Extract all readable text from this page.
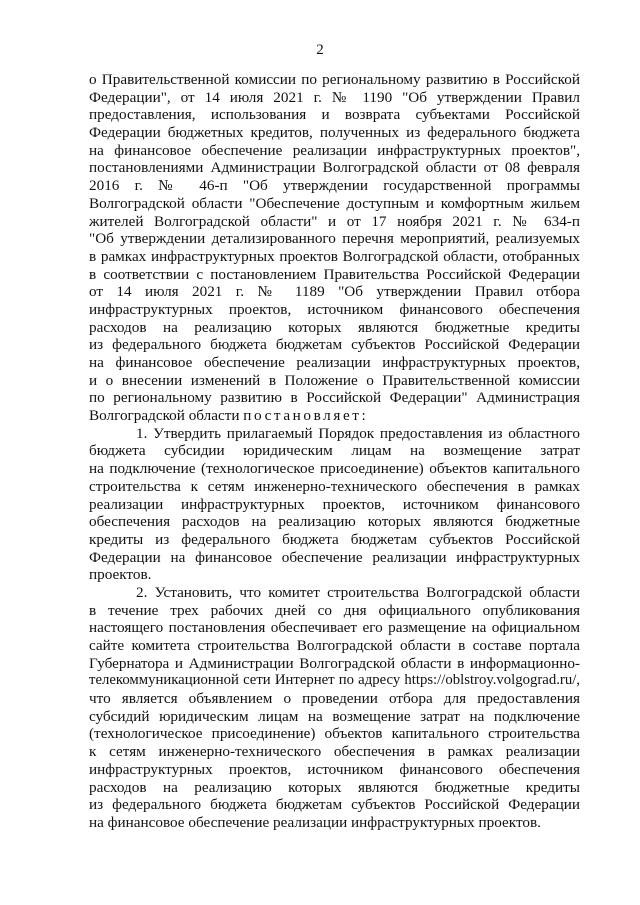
2
о Правительственной комиссии по региональному развитию в Российской
Федерации", от 14 июля 2021 г. № 1190 "Об утверждении Правил
предоставления, использования и возврата субъектами Российской
Федерации бюджетных кредитов, полученных из федерального бюджета
на финансовое обеспечение реализации инфраструктурных проектов",
постановлениями Администрации Волгоградской области от 08 февраля
2016 г. № 46-п "Об утверждении государственной программы
Волгоградской области "Обеспечение доступным и комфортным жильем
жителей Волгоградской области" и от 17 ноября 2021 г. № 634-п
"Об утверждении детализированного перечня мероприятий, реализуемых
в рамках инфраструктурных проектов Волгоградской области, отобранных
в соответствии с постановлением Правительства Российской Федерации
от 14 июля 2021 г. № 1189 "Об утверждении Правил отбора
инфраструктурных проектов, источником финансового обеспечения
расходов на реализацию которых являются бюджетные кредиты
из федерального бюджета бюджетам субъектов Российской Федерации
на финансовое обеспечение реализации инфраструктурных проектов,
и о внесении изменений в Положение о Правительственной комиссии
по региональному развитию в Российской Федерации" Администрация
Волгоградской области постановляет:
1. Утвердить прилагаемый Порядок предоставления из областного
бюджета субсидии юридическим лицам на возмещение затрат
на подключение (технологическое присоединение) объектов капитального
строительства к сетям инженерно-технического обеспечения в рамках
реализации инфраструктурных проектов, источником финансового
обеспечения расходов на реализацию которых являются бюджетные
кредиты из федерального бюджета бюджетам субъектов Российской
Федерации на финансовое обеспечение реализации инфраструктурных
проектов.
2. Установить, что комитет строительства Волгоградской области
в течение трех рабочих дней со дня официального опубликования
настоящего постановления обеспечивает его размещение на официальном
сайте комитета строительства Волгоградской области в составе портала
Губернатора и Администрации Волгоградской области в информационно-
телекоммуникационной сети Интернет по адресу https://oblstroy.volgograd.ru/,
что является объявлением о проведении отбора для предоставления
субсидий юридическим лицам на возмещение затрат на подключение
(технологическое присоединение) объектов капитального строительства
к сетям инженерно-технического обеспечения в рамках реализации
инфраструктурных проектов, источником финансового обеспечения
расходов на реализацию которых являются бюджетные кредиты
из федерального бюджета бюджетам субъектов Российской Федерации
на финансовое обеспечение реализации инфраструктурных проектов.
